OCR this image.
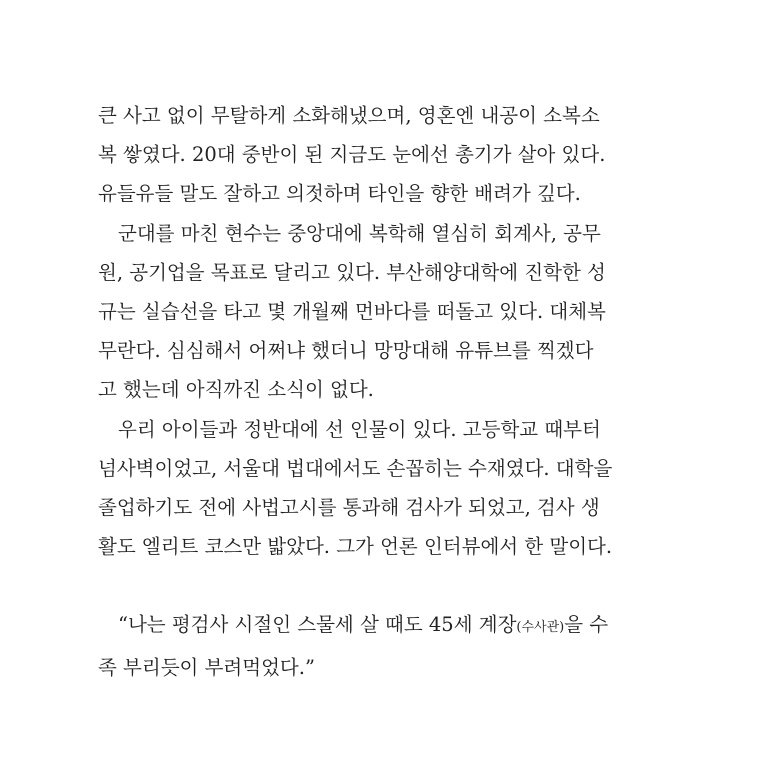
큰 사고 없이 무탈하게 소화해냈으며, 영혼엔 내공이 소복소
복 쌓였다. 20대 중반이 된 지금도 눈에선 총기가 살아 있다.
유들유들 말도 잘하고 의젓하며 타인을 향한 배려가 깊다.
군대를 마친 현수는 중앙대에 복학해 열심히 회계사, 공무
원, 공기업을 목표로 달리고 있다. 부산해양대학에 진학한 성
규는 실습선을 타고 몇 개월째 먼바다를 떠돌고 있다. 대체복
무란다. 심심해서 어쩌냐 했더니 망망대해 유튜브를 찍겠다
고 했는데 아직까진 소식이 없다.
우리 아이들과 정반대에 선 인물이 있다. 고등학교 때부터
넘사벽이었고, 서울대 법대에서도 손꼽히는 수재였다. 대학을
졸업하기도 전에 사법고시를 통과해 검사가 되었고, 검사 생
활도 엘리트 코스만 밟았다. 그가 언론 인터뷰에서 한 말이다.
“나는 평검사 시절인 스물세 살 때도 45세 계장(수사관)을 수
족 부리듯이 부려먹었다.”
